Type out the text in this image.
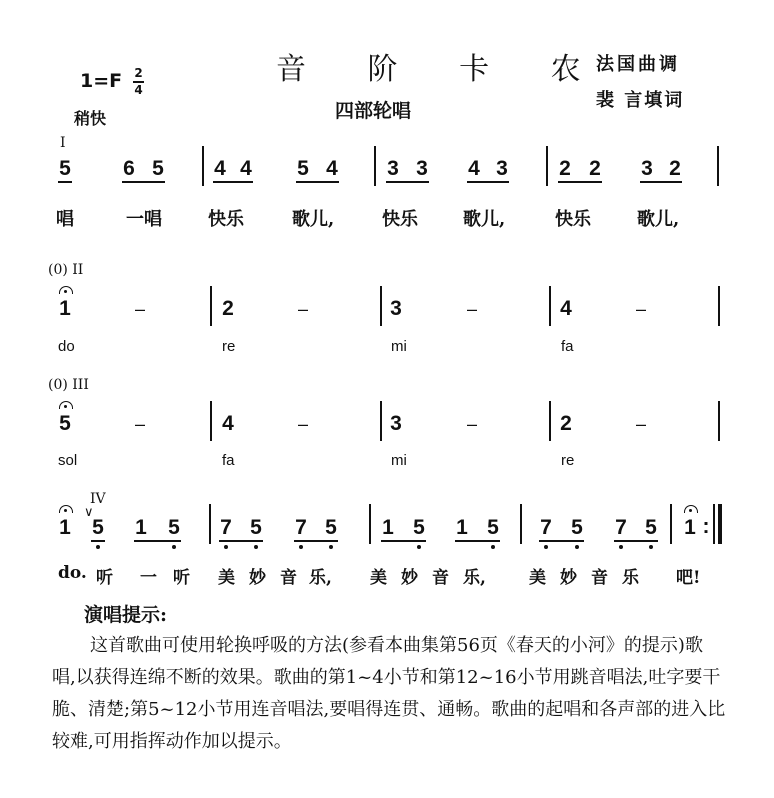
音 阶 卡 农
四部轮唱
法国曲调
裴 言填词
1=F 2
4
稍快
I
5 6 5 4 4 5 4 3 3 4 3 2 2 3 2
唱	一唱	快乐	歌儿,	快乐	歌儿,	快乐	歌儿,
(0) II
1	–	2	–	3	–	4	–
do	re	mi	fa
(0) III
5	–	4	–	3	–	2	–
sol	fa	mi	re
IV
1 5 1 5 7 5 7 5 1 5 1 5 7 5 7 5 1 :
∨
do. 听 一 听 美 妙 音 乐, 美 妙 音 乐,	美 妙 音 乐 吧!
演唱提示:
这首歌曲可使用轮换呼吸的方法(参看本曲集第56页《春天的小河》的提示)歌唱,以获得连绵不断的效果。歌曲的第1~4小节和第12~16小节用跳音唱法,吐字要干脆、清楚;第5~12小节用连音唱法,要唱得连贯、通畅。歌曲的起唱和各声部的进入比较难,可用指挥动作加以提示。
